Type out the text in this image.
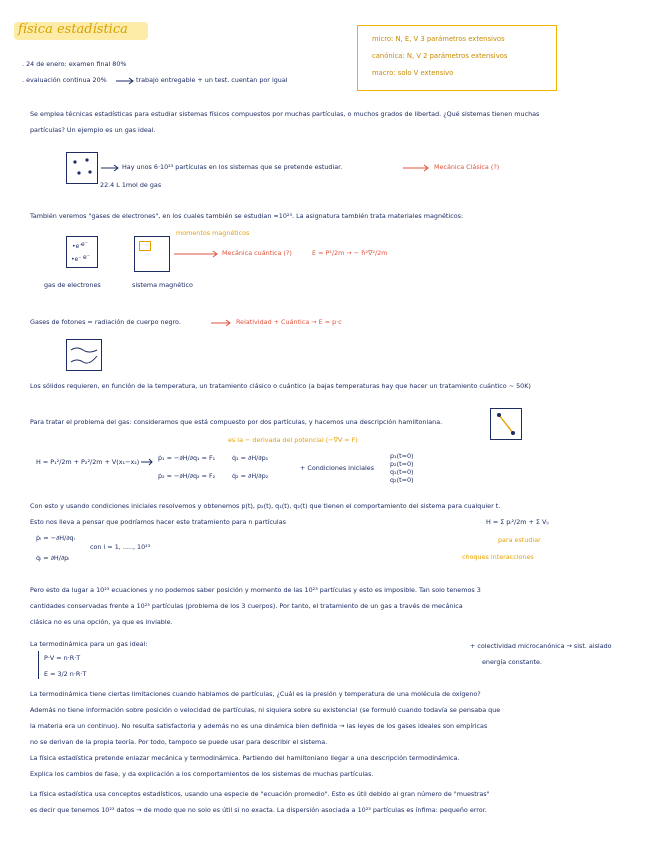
física estadística
micro: N, E, V 3 parámetros extensivos
canónica: N, V 2 parámetros extensivos
macro: solo V extensivo
. 24 de enero: examen final 80%
. evaluación continua 20%	trabajo entregable + un test. cuentan por igual
Se emplea técnicas estadísticas para estudiar sistemas físicos compuestos por muchas partículas, o muchos grados de libertad. ¿Qué sistemas tienen muchas
partículas? Un ejemplo es un gas ideal.
Hay unos 6·10²³ partículas en los sistemas que se pretende estudiar.	Mecánica Clásica (?)
22.4 L 1mol de gas
También veremos "gases de electrones", en los cuales también se estudian ≈10²³. La asignatura también trata materiales magnéticos:
momentos magnéticos
•e⁻
e⁻
•e⁻ e⁻
Mecánica cuántica (?)	E = P²/2m → − ħ²∇²/2m
gas de electrones	sistema magnético
Gases de fotones = radiación de cuerpo negro.	Relatividad + Cuántica → E = p·c
Los sólidos requieren, en función de la temperatura, un tratamiento clásico o cuántico (a bajas temperaturas hay que hacer un tratamiento cuántico ~ 50K)
Para tratar el problema del gas: consideramos que está compuesto por dos partículas, y hacemos una descripción hamiltoniana.
es la − derivada del potencial (−∇V = F)
H = P₁²/2m + P₂²/2m + V(x₁−x₂)	ṗ₁ = −∂H/∂q₁ = F₁	q̇₁ = ∂H/∂p₁
ṗ₂ = −∂H/∂q₂ = F₂	q̇₂ = ∂H/∂p₂
+ Condiciones iniciales
p₁(t=0)
p₂(t=0)
q₁(t=0)
q₂(t=0)
Con esto y usando condiciones iniciales resolvemos y obtenemos p(t), p₂(t), q₁(t), q₂(t) que tienen el comportamiento del sistema para cualquier t.
Esto nos lleva a pensar que podríamos hacer este tratamiento para n partículas	H = Σ pᵢ²/2m + Σ Vᵢⱼ
ṗᵢ = −∂H/∂qᵢ
q̇ᵢ = ∂H/∂pᵢ
con i = 1, ....., 10²³
para estudiar
choques interacciones
Pero esto da lugar a 10²³ ecuaciones y no podemos saber posición y momento de las 10²³ partículas y esto es imposible. Tan solo tenemos 3
cantidades conservadas frente a 10²³ partículas (problema de los 3 cuerpos). Por tanto, el tratamiento de un gas a través de mecánica
clásica no es una opción, ya que es inviable.
La termodinámica para un gas ideal:
P·V = n·R·T
E = 3/2 n·R·T
+ colectividad microcanónica → sist. aislado
energía constante.
La termodinámica tiene ciertas limitaciones cuando hablamos de partículas, ¿Cuál es la presión y temperatura de una molécula de oxígeno?
Además no tiene información sobre posición o velocidad de partículas, ni siquiera sobre su existencia! (se formuló cuando todavía se pensaba que
la materia era un continuo). No resulta satisfactoria y además no es una dinámica bien definida → las leyes de los gases ideales son empíricas
no se derivan de la propia teoría. Por todo, tampoco se puede usar para describir el sistema.
La física estadística pretende enlazar mecánica y termodinámica. Partiendo del hamiltoniano llegar a una descripción termodinámica.
Explica los cambios de fase, y da explicación a los comportamientos de los sistemas de muchas partículas.
La física estadística usa conceptos estadísticos, usando una especie de "ecuación promedio". Esto es útil debido al gran número de "muestras"
es decir que tenemos 10²³ datos → de modo que no solo es útil si no exacta. La dispersión asociada a 10²³ partículas es ínfima: pequeño error.
